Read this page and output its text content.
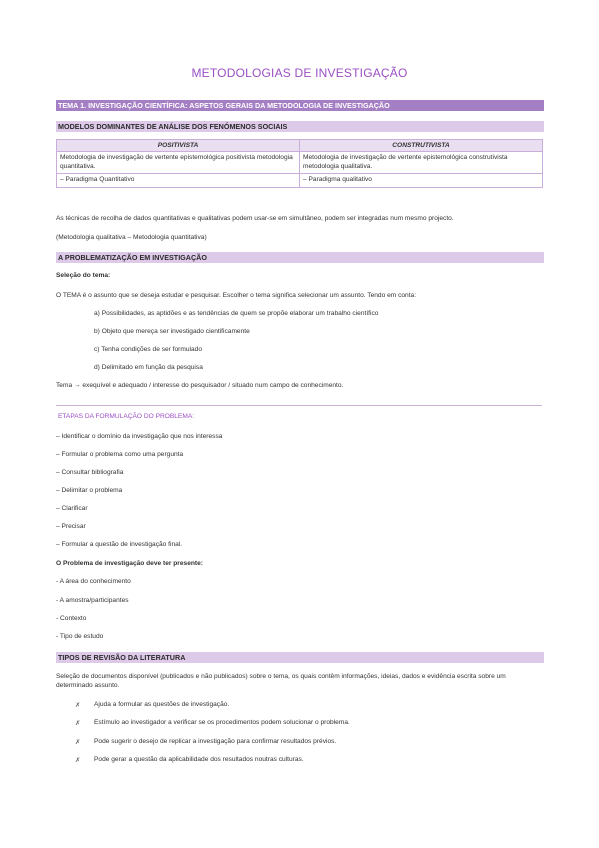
METODOLOGIAS DE INVESTIGAÇÃO
TEMA 1. INVESTIGAÇÃO CIENTÍFICA: ASPETOS GERAIS DA METODOLOGIA DE INVESTIGAÇÃO
MODELOS DOMINANTES DE ANÁLISE DOS FENÓMENOS SOCIAIS
POSITIVISTA	CONSTRUTIVISTA
Metodologia de investigação de vertente epistemológica positivista metodologia quantitativa.	Metodologia de investigação de vertente epistemológica construtivista metodologia qualitativa.
– Paradigma Quantitativo	– Paradigma qualitativo
As técnicas de recolha de dados quantitativas e qualitativas podem usar-se em simultâneo, podem ser integradas num mesmo projecto.
(Metodologia qualitativa – Metodologia quantitativa)
A PROBLEMATIZAÇÃO EM INVESTIGAÇÃO
Seleção do tema:
O TEMA é o assunto que se deseja estudar e pesquisar. Escolher o tema significa selecionar um assunto. Tendo em conta:
a) Possibilidades, as aptidões e as tendências de quem se propõe elaborar um trabalho científico
b) Objeto que mereça ser investigado cientificamente
c) Tenha condições de ser formulado
d) Delimitado em função da pesquisa
Tema → exequível e adequado / interesse do pesquisador / situado num campo de conhecimento.
ETAPAS DA FORMULAÇÃO DO PROBLEMA:
– Identificar o domínio da investigação que nos interessa
– Formular o problema como uma pergunta
– Consultar bibliografia
– Delimitar o problema
– Clarificar
– Precisar
– Formular a questão de investigação final.
O Problema de investigação deve ter presente:
- A área do conhecimento
- A amostra/participantes
- Contexto
- Tipo de estudo
TIPOS DE REVISÃO DA LITERATURA
Seleção de documentos disponível (publicados e não publicados) sobre o tema, os quais contêm informações, ideias, dados e evidência escrita sobre um determinado assunto.
✗ Ajuda a formular as questões de investigação.
✗ Estímulo ao investigador a verificar se os procedimentos podem solucionar o problema.
✗ Pode sugerir o desejo de replicar a investigação para confirmar resultados prévios.
✗ Pode gerar a questão da aplicabilidade dos resultados noutras culturas.
